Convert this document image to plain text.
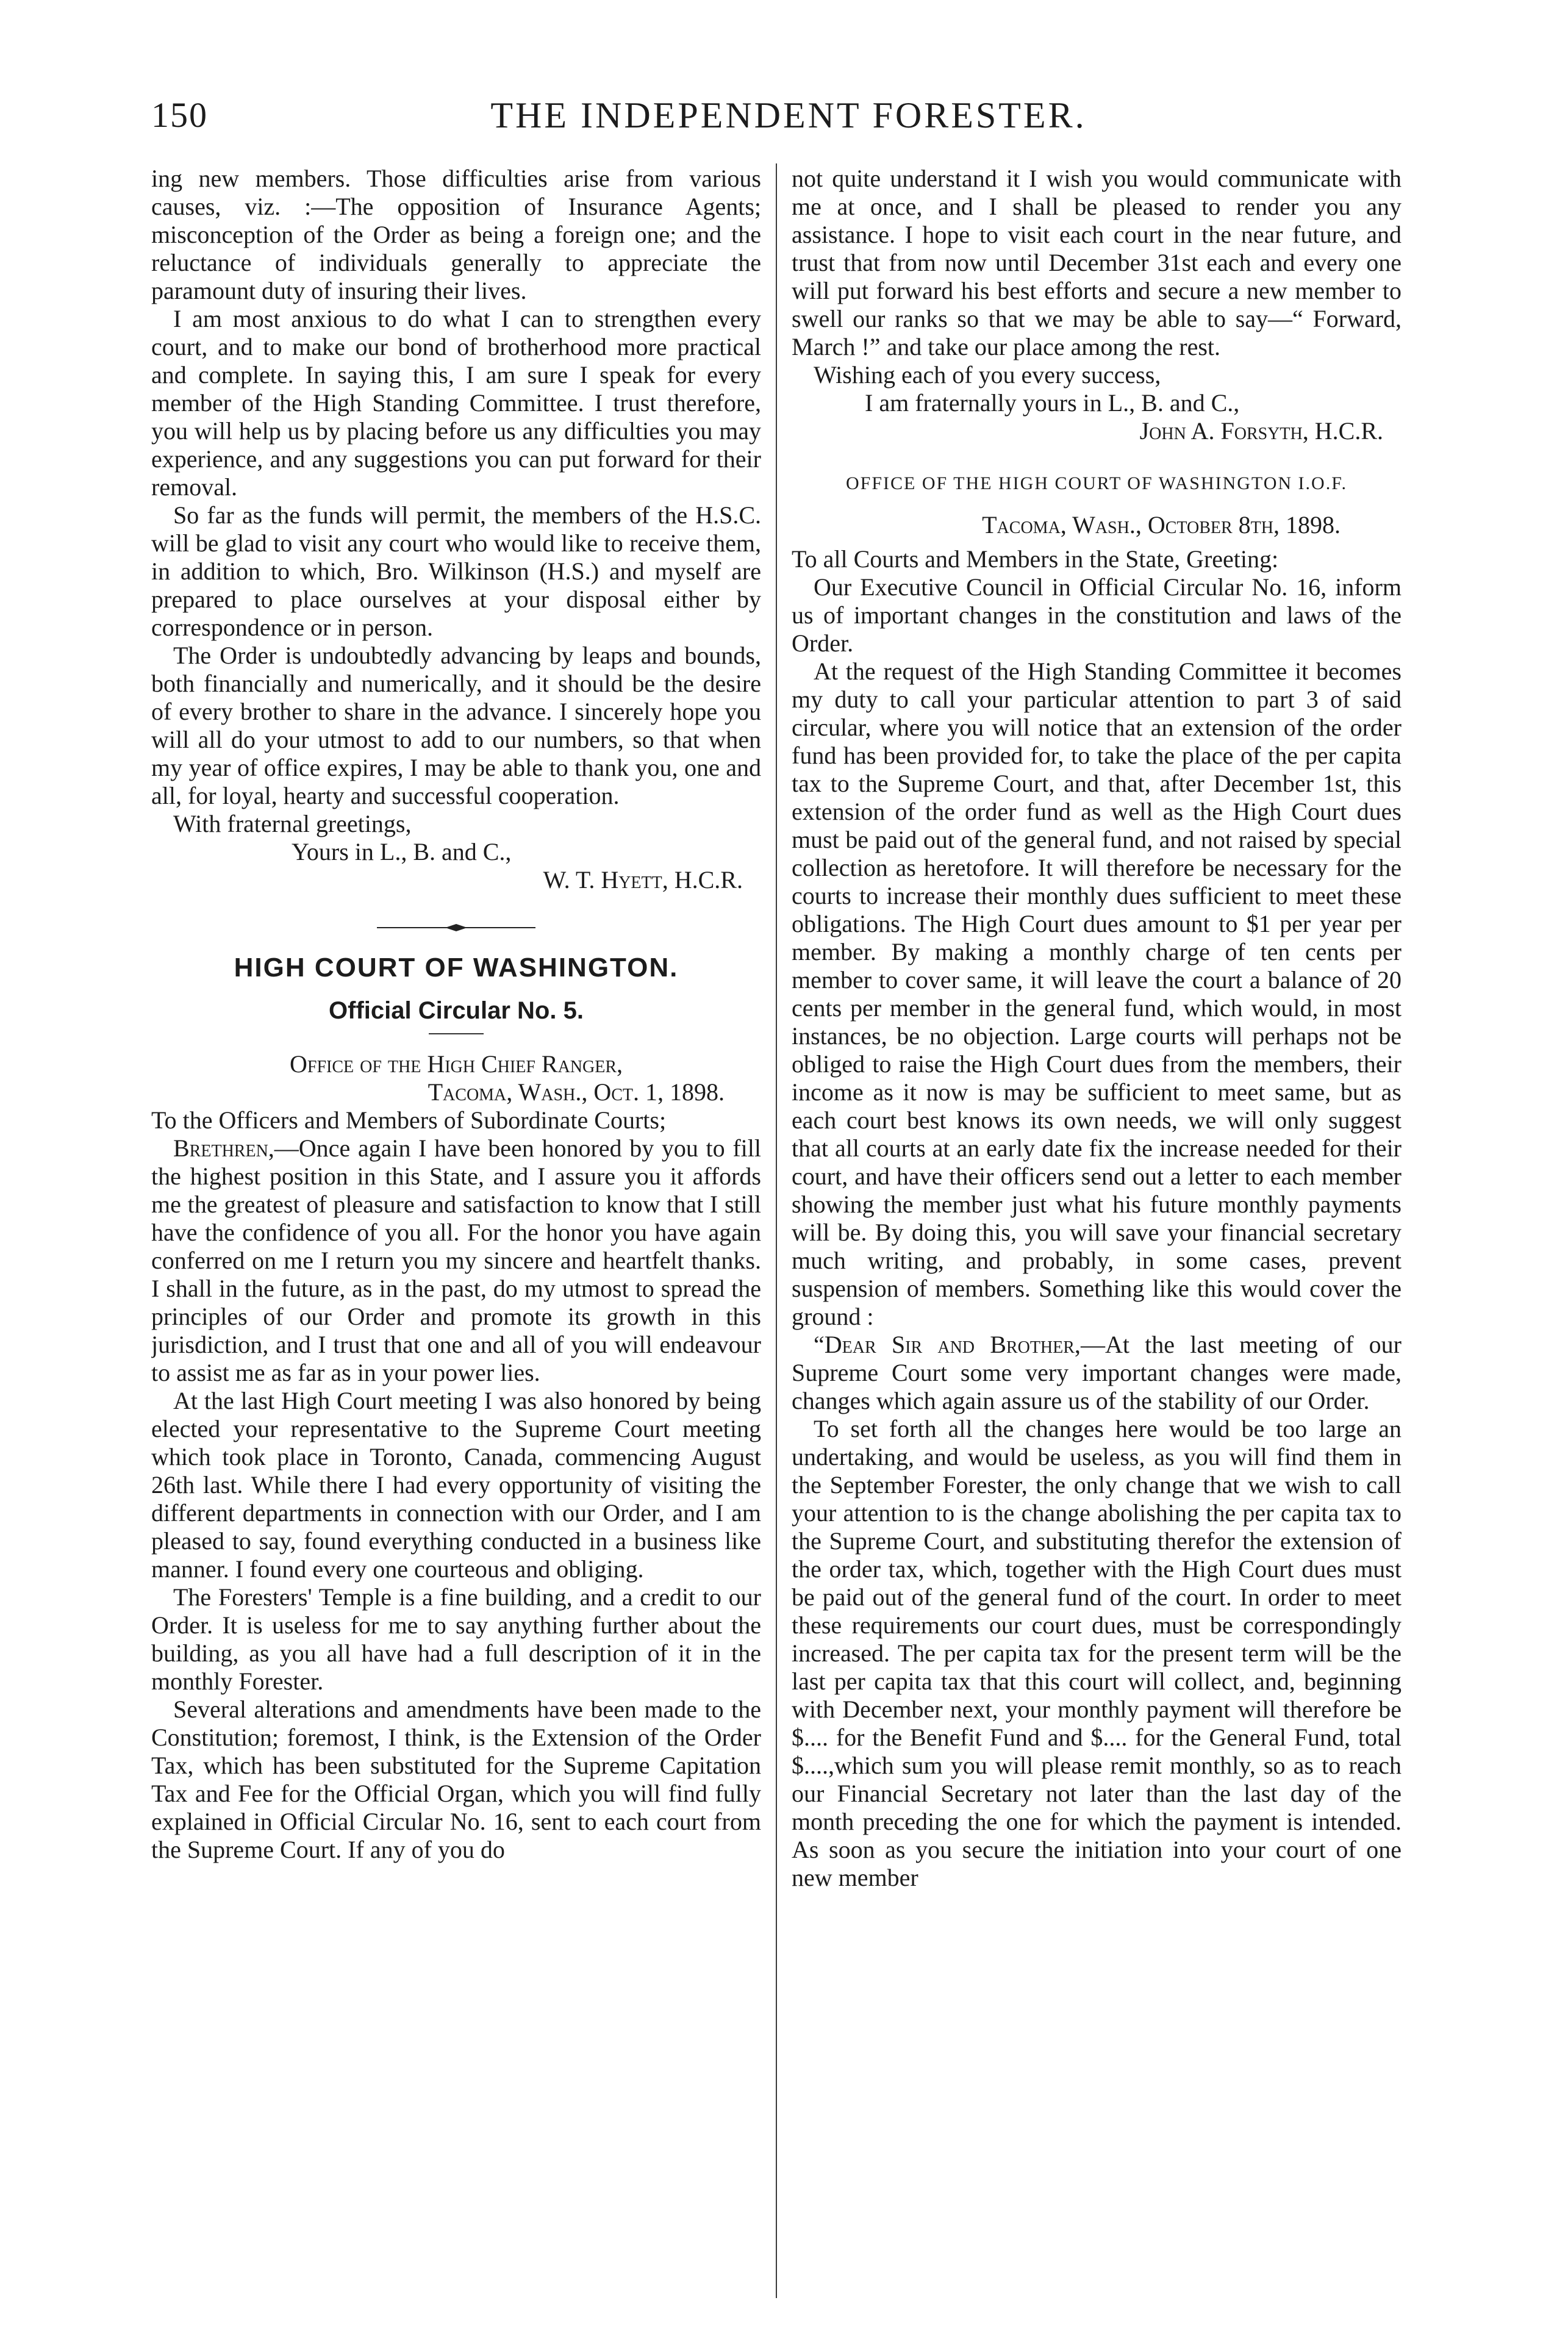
150	THE INDEPENDENT FORESTER.

ing new members. Those difficulties arise from various causes, viz. :—The opposition of Insurance Agents; misconception of the Order as being a foreign one; and the reluctance of individuals generally to appreciate the paramount duty of insuring their lives.

I am most anxious to do what I can to strengthen every court, and to make our bond of brotherhood more practical and complete. In saying this, I am sure I speak for every member of the High Standing Committee. I trust therefore, you will help us by placing before us any difficulties you may experience, and any suggestions you can put forward for their removal.

So far as the funds will permit, the members of the H.S.C. will be glad to visit any court who would like to receive them, in addition to which, Bro. Wilkinson (H.S.) and myself are prepared to place ourselves at your disposal either by correspondence or in person.

The Order is undoubtedly advancing by leaps and bounds, both financially and numerically, and it should be the desire of every brother to share in the advance. I sincerely hope you will all do your utmost to add to our numbers, so that when my year of office expires, I may be able to thank you, one and all, for loyal, hearty and successful cooperation.

With fraternal greetings,

Yours in L., B. and C.,

W. T. Hyett, H.C.R.

HIGH COURT OF WASHINGTON.
Official Circular No. 5.

Office of the High Chief Ranger,

Tacoma, Wash., Oct. 1, 1898.

To the Officers and Members of Subordinate Courts;

Brethren,—Once again I have been honored by you to fill the highest position in this State, and I assure you it affords me the greatest of pleasure and satisfaction to know that I still have the confidence of you all. For the honor you have again conferred on me I return you my sincere and heartfelt thanks. I shall in the future, as in the past, do my utmost to spread the principles of our Order and promote its growth in this jurisdiction, and I trust that one and all of you will endeavour to assist me as far as in your power lies.

At the last High Court meeting I was also honored by being elected your representative to the Supreme Court meeting which took place in Toronto, Canada, commencing August 26th last. While there I had every opportunity of visiting the different departments in connection with our Order, and I am pleased to say, found everything conducted in a business like manner. I found every one courteous and obliging.

The Foresters' Temple is a fine building, and a credit to our Order. It is useless for me to say anything further about the building, as you all have had a full description of it in the monthly Forester.

Several alterations and amendments have been made to the Constitution; foremost, I think, is the Extension of the Order Tax, which has been substituted for the Supreme Capitation Tax and Fee for the Official Organ, which you will find fully explained in Official Circular No. 16, sent to each court from the Supreme Court. If any of you do

not quite understand it I wish you would communicate with me at once, and I shall be pleased to render you any assistance. I hope to visit each court in the near future, and trust that from now until December 31st each and every one will put forward his best efforts and secure a new member to swell our ranks so that we may be able to say—“ Forward, March !” and take our place among the rest.

Wishing each of you every success,

I am fraternally yours in L., B. and C.,

John A. Forsyth, H.C.R.

OFFICE OF THE HIGH COURT OF WASHINGTON I.O.F.

Tacoma, Wash., October 8th, 1898.

To all Courts and Members in the State, Greeting:

Our Executive Council in Official Circular No. 16, inform us of important changes in the constitution and laws of the Order.

At the request of the High Standing Committee it becomes my duty to call your particular attention to part 3 of said circular, where you will notice that an extension of the order fund has been provided for, to take the place of the per capita tax to the Supreme Court, and that, after December 1st, this extension of the order fund as well as the High Court dues must be paid out of the general fund, and not raised by special collection as heretofore. It will therefore be necessary for the courts to increase their monthly dues sufficient to meet these obligations. The High Court dues amount to $1 per year per member. By making a monthly charge of ten cents per member to cover same, it will leave the court a balance of 20 cents per member in the general fund, which would, in most instances, be no objection. Large courts will perhaps not be obliged to raise the High Court dues from the members, their income as it now is may be sufficient to meet same, but as each court best knows its own needs, we will only suggest that all courts at an early date fix the increase needed for their court, and have their officers send out a letter to each member showing the member just what his future monthly payments will be. By doing this, you will save your financial secretary much writing, and probably, in some cases, prevent suspension of members. Something like this would cover the ground :

“Dear Sir and Brother,—At the last meeting of our Supreme Court some very important changes were made, changes which again assure us of the stability of our Order.

To set forth all the changes here would be too large an undertaking, and would be useless, as you will find them in the September Forester, the only change that we wish to call your attention to is the change abolishing the per capita tax to the Supreme Court, and substituting therefor the extension of the order tax, which, together with the High Court dues must be paid out of the general fund of the court. In order to meet these requirements our court dues, must be correspondingly increased. The per capita tax for the present term will be the last per capita tax that this court will collect, and, beginning with December next, your monthly payment will therefore be $.... for the Benefit Fund and $.... for the General Fund, total $....,which sum you will please remit monthly, so as to reach our Financial Secretary not later than the last day of the month preceding the one for which the payment is intended. As soon as you secure the initiation into your court of one new member
